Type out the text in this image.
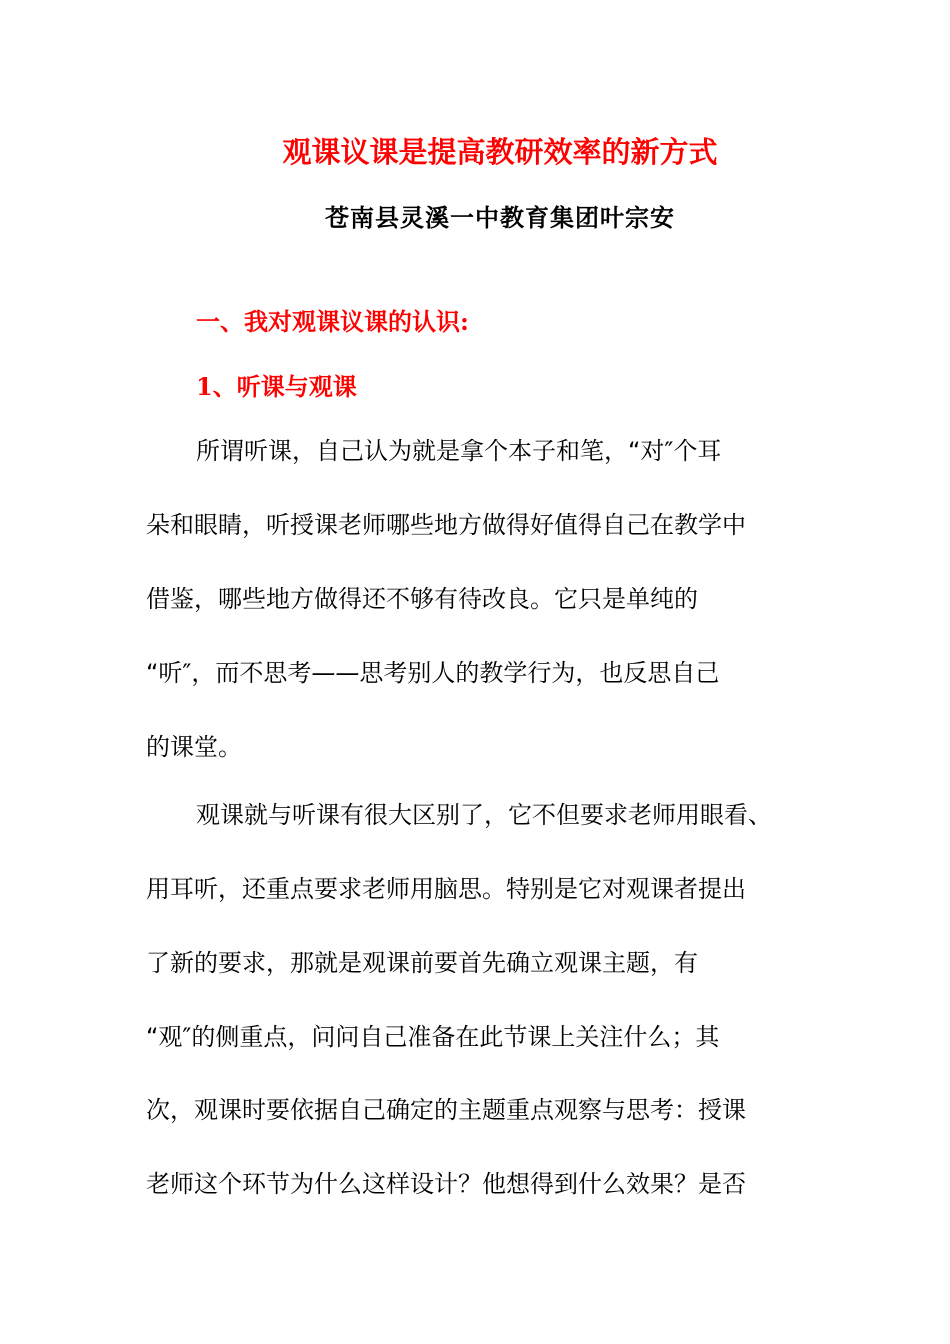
观课议课是提高教研效率的新方式
苍南县灵溪一中教育集团叶宗安
一、我对观课议课的认识:
1、听课与观课
所谓听课，自己认为就是拿个本子和笔，“对″个耳
朵和眼睛，听授课老师哪些地方做得好值得自己在教学中
借鉴，哪些地方做得还不够有待改良。它只是单纯的
“听″，而不思考——思考别人的教学行为，也反思自己
的课堂。
观课就与听课有很大区别了，它不但要求老师用眼看、
用耳听，还重点要求老师用脑思。特别是它对观课者提出
了新的要求，那就是观课前要首先确立观课主题，有
“观″的侧重点，问问自己准备在此节课上关注什么；其
次，观课时要依据自己确定的主题重点观察与思考：授课
老师这个环节为什么这样设计？他想得到什么效果？是否
